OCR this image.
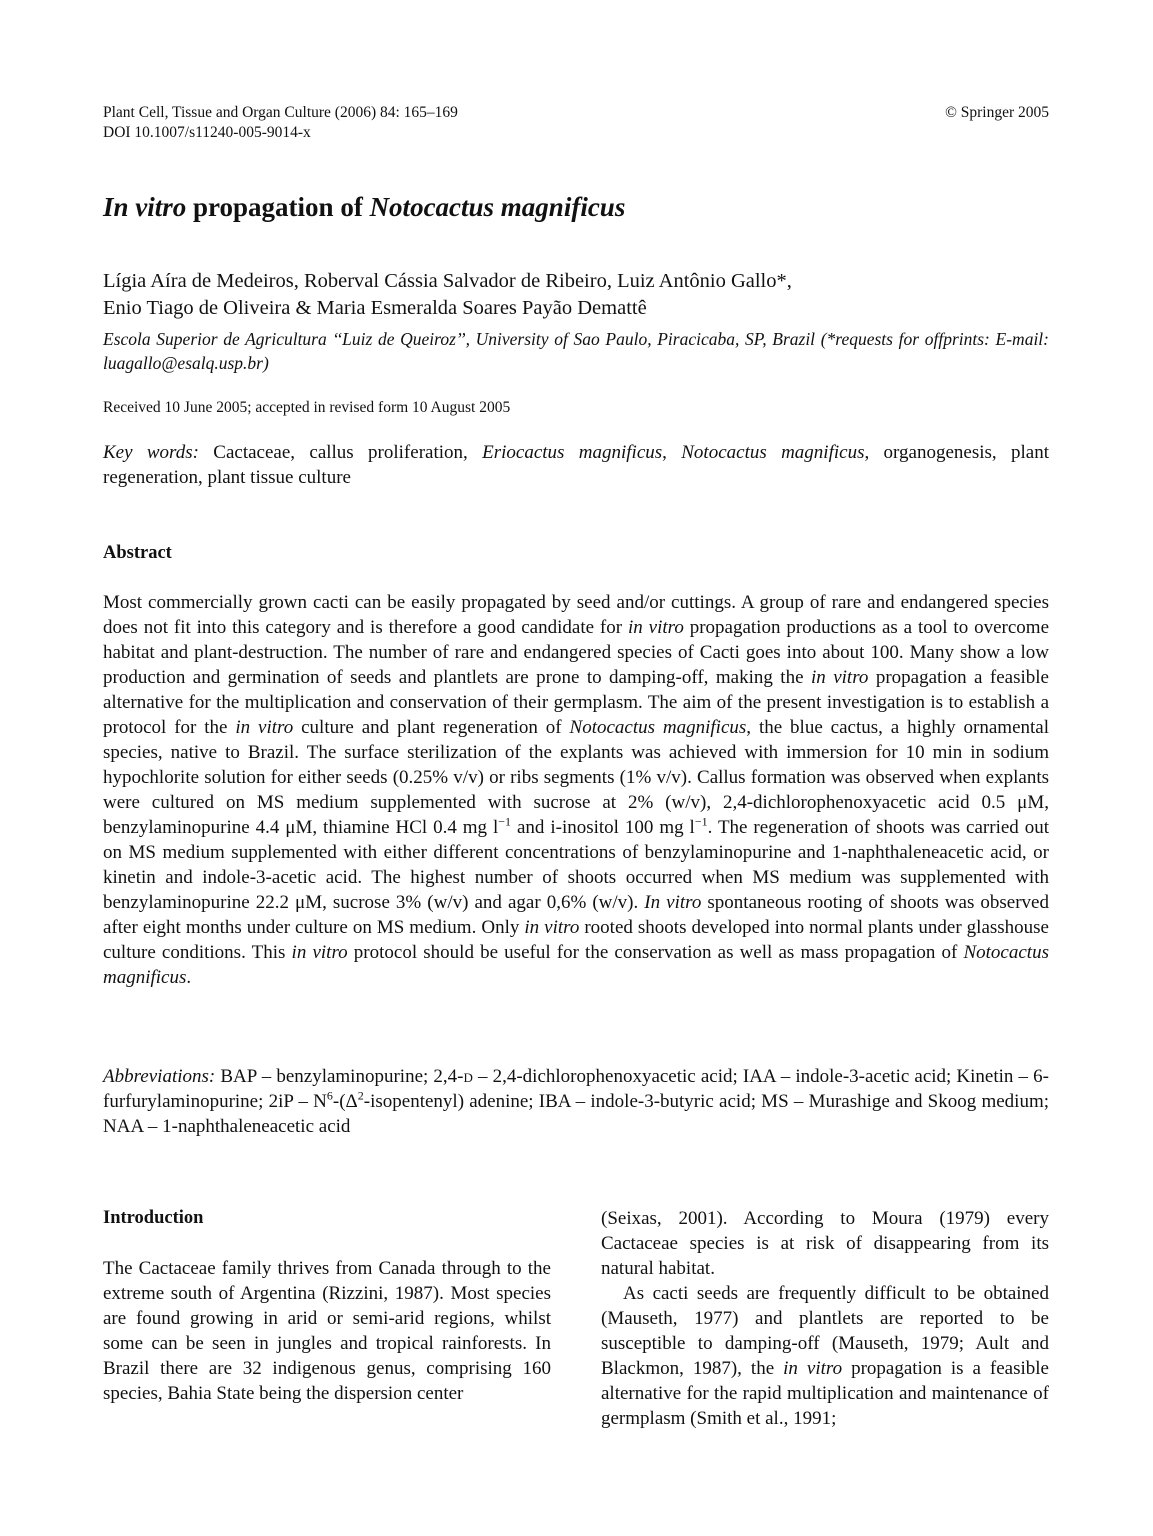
Plant Cell, Tissue and Organ Culture (2006) 84: 165–169
DOI 10.1007/s11240-005-9014-x
© Springer 2005
In vitro propagation of Notocactus magnificus
Lígia Aíra de Medeiros, Roberval Cássia Salvador de Ribeiro, Luiz Antônio Gallo*,
Enio Tiago de Oliveira & Maria Esmeralda Soares Payão Demattê
Escola Superior de Agricultura ‘‘Luiz de Queiroz’’, University of Sao Paulo, Piracicaba, SP, Brazil (*requests for offprints: E-mail: luagallo@esalq.usp.br)
Received 10 June 2005; accepted in revised form 10 August 2005
Key words: Cactaceae, callus proliferation, Eriocactus magnificus, Notocactus magnificus, organogenesis, plant regeneration, plant tissue culture
Abstract
Most commercially grown cacti can be easily propagated by seed and/or cuttings. A group of rare and endangered species does not fit into this category and is therefore a good candidate for in vitro propagation productions as a tool to overcome habitat and plant-destruction. The number of rare and endangered species of Cacti goes into about 100. Many show a low production and germination of seeds and plantlets are prone to damping-off, making the in vitro propagation a feasible alternative for the multiplication and conservation of their germplasm. The aim of the present investigation is to establish a protocol for the in vitro culture and plant regeneration of Notocactus magnificus, the blue cactus, a highly ornamental species, native to Brazil. The surface sterilization of the explants was achieved with immersion for 10 min in sodium hypochlorite solution for either seeds (0.25% v/v) or ribs segments (1% v/v). Callus formation was observed when explants were cultured on MS medium supplemented with sucrose at 2% (w/v), 2,4-dichlorophenoxyacetic acid 0.5 μM, benzylaminopurine 4.4 μM, thiamine HCl 0.4 mg $l^{-1}$ and i-inositol 100 mg $l^{-1}$. The regeneration of shoots was carried out on MS medium supplemented with either different concentrations of benzylaminopurine and 1-naphthaleneacetic acid, or kinetin and indole-3-acetic acid. The highest number of shoots occurred when MS medium was supplemented with benzylaminopurine 22.2 μM, sucrose 3% (w/v) and agar 0,6% (w/v). In vitro spontaneous rooting of shoots was observed after eight months under culture on MS medium. Only in vitro rooted shoots developed into normal plants under glasshouse culture conditions. This in vitro protocol should be useful for the conservation as well as mass propagation of Notocactus magnificus.
Abbreviations: BAP – benzylaminopurine; 2,4-d – 2,4-dichlorophenoxyacetic acid; IAA – indole-3-acetic acid; Kinetin – 6-furfurylaminopurine; $2iP - N^6-(\Delta^2-isopentenyl)$ adenine; IBA – indole-3-butyric acid; MS – Murashige and Skoog medium; NAA – 1-naphthaleneacetic acid
Introduction

The Cactaceae family thrives from Canada through to the extreme south of Argentina (Rizzini, 1987). Most species are found growing in arid or semi-arid regions, whilst some can be seen in jungles and tropical rainforests. In Brazil there are 32 indigenous genus, comprising 160 species, Bahia State being the dispersion center

(Seixas, 2001). According to Moura (1979) every Cactaceae species is at risk of disappearing from its natural habitat.

As cacti seeds are frequently difficult to be obtained (Mauseth, 1977) and plantlets are reported to be susceptible to damping-off (Mauseth, 1979; Ault and Blackmon, 1987), the in vitro propagation is a feasible alternative for the rapid multiplication and maintenance of germplasm (Smith et al., 1991;
